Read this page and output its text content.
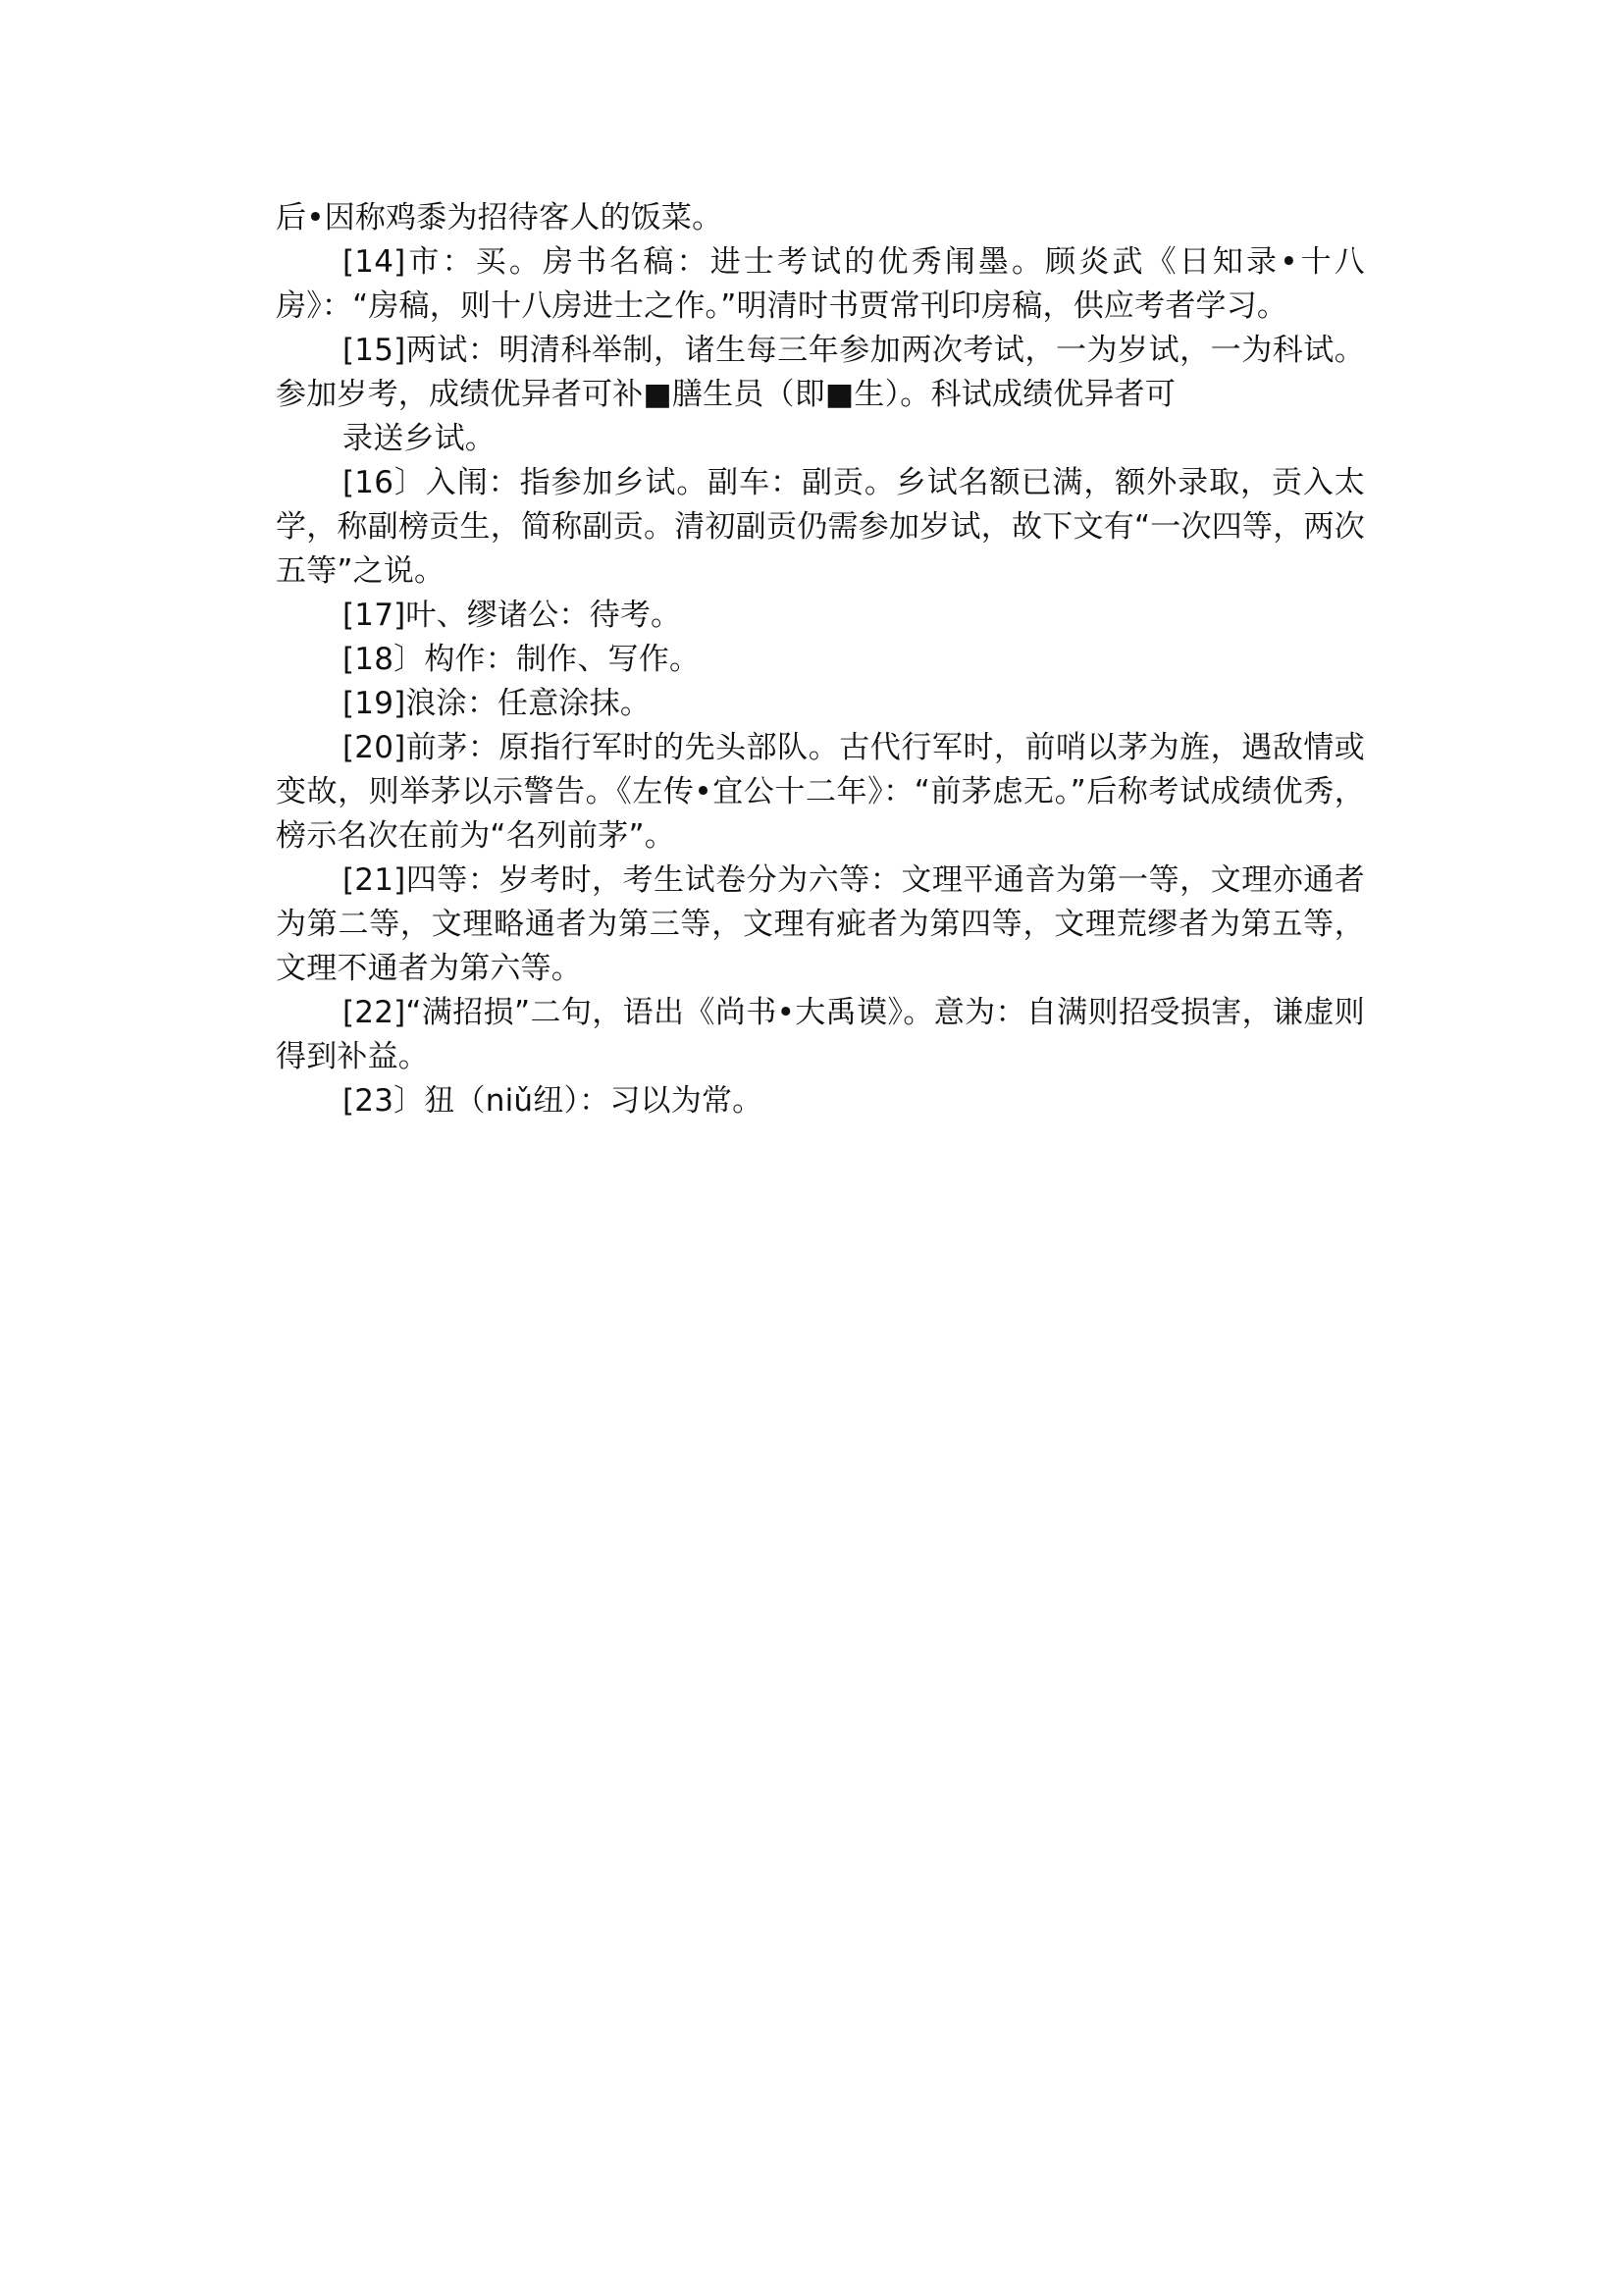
后•因称鸡黍为招待客人的饭菜。

[14]市：买。房书名稿：进士考试的优秀闱墨。顾炎武《日知录•十八房》：“房稿，则十八房进士之作。”明清时书贾常刊印房稿，供应考者学习。

[15]两试：明清科举制，诸生每三年参加两次考试，一为岁试，一为科试。参加岁考，成绩优异者可补■膳生员（即■生）。科试成绩优异者可

录送乡试。

[16〕入闱：指参加乡试。副车：副贡。乡试名额已满，额外录取，贡入太学，称副榜贡生，简称副贡。清初副贡仍需参加岁试，故下文有“一次四等，两次五等”之说。

[17]叶、缪诸公：待考。

[18〕构作：制作、写作。

[19]浪涂：任意涂抹。

[20]前茅：原指行军时的先头部队。古代行军时，前哨以茅为旌，遇敌情或变故，则举茅以示警告。《左传•宜公十二年》：“前茅虑无。”后称考试成绩优秀，榜示名次在前为“名列前茅”。

[21]四等：岁考时，考生试卷分为六等：文理平通音为第一等，文理亦通者为第二等，文理略通者为第三等，文理有疵者为第四等，文理荒缪者为第五等，文理不通者为第六等。

[22]“满招损”二句，语出《尚书•大禹谟》。意为：自满则招受损害，谦虚则得到补益。

[23〕狃（niǔ纽）：习以为常。
